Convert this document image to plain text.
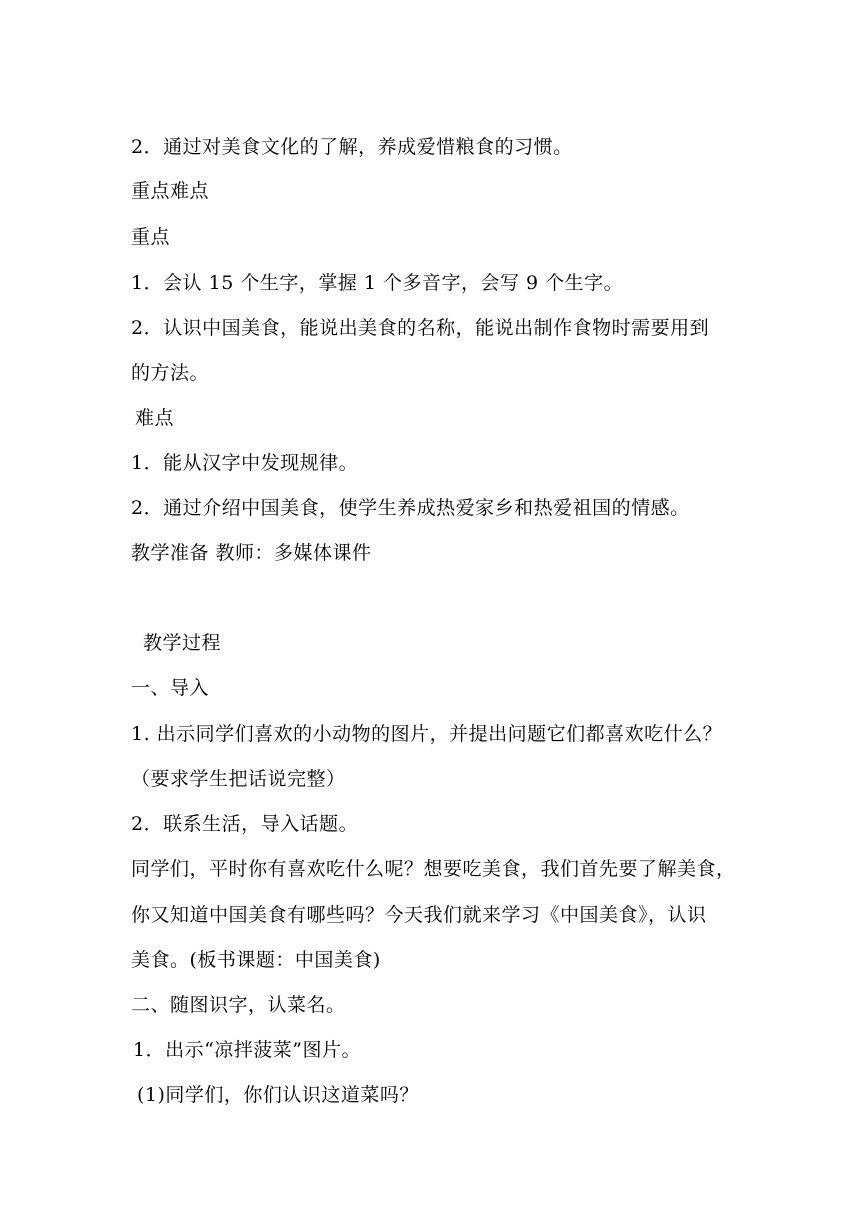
2．通过对美食文化的了解，养成爱惜粮食的习惯。

重点难点

重点

1．会认 15 个生字，掌握 1 个多音字，会写 9 个生字。

2．认识中国美食，能说出美食的名称，能说出制作食物时需要用到

的方法。

难点

1．能从汉字中发现规律。

2．通过介绍中国美食，使学生养成热爱家乡和热爱祖国的情感。

教学准备 教师：多媒体课件

教学过程

一、导入

1. 出示同学们喜欢的小动物的图片，并提出问题它们都喜欢吃什么？

（要求学生把话说完整）

2．联系生活，导入话题。

同学们，平时你有喜欢吃什么呢？想要吃美食，我们首先要了解美食，

你又知道中国美食有哪些吗？今天我们就来学习《中国美食》，认识

美食。(板书课题：中国美食)

二、随图识字，认菜名。

1．出示“凉拌菠菜”图片。

(1)同学们，你们认识这道菜吗？
